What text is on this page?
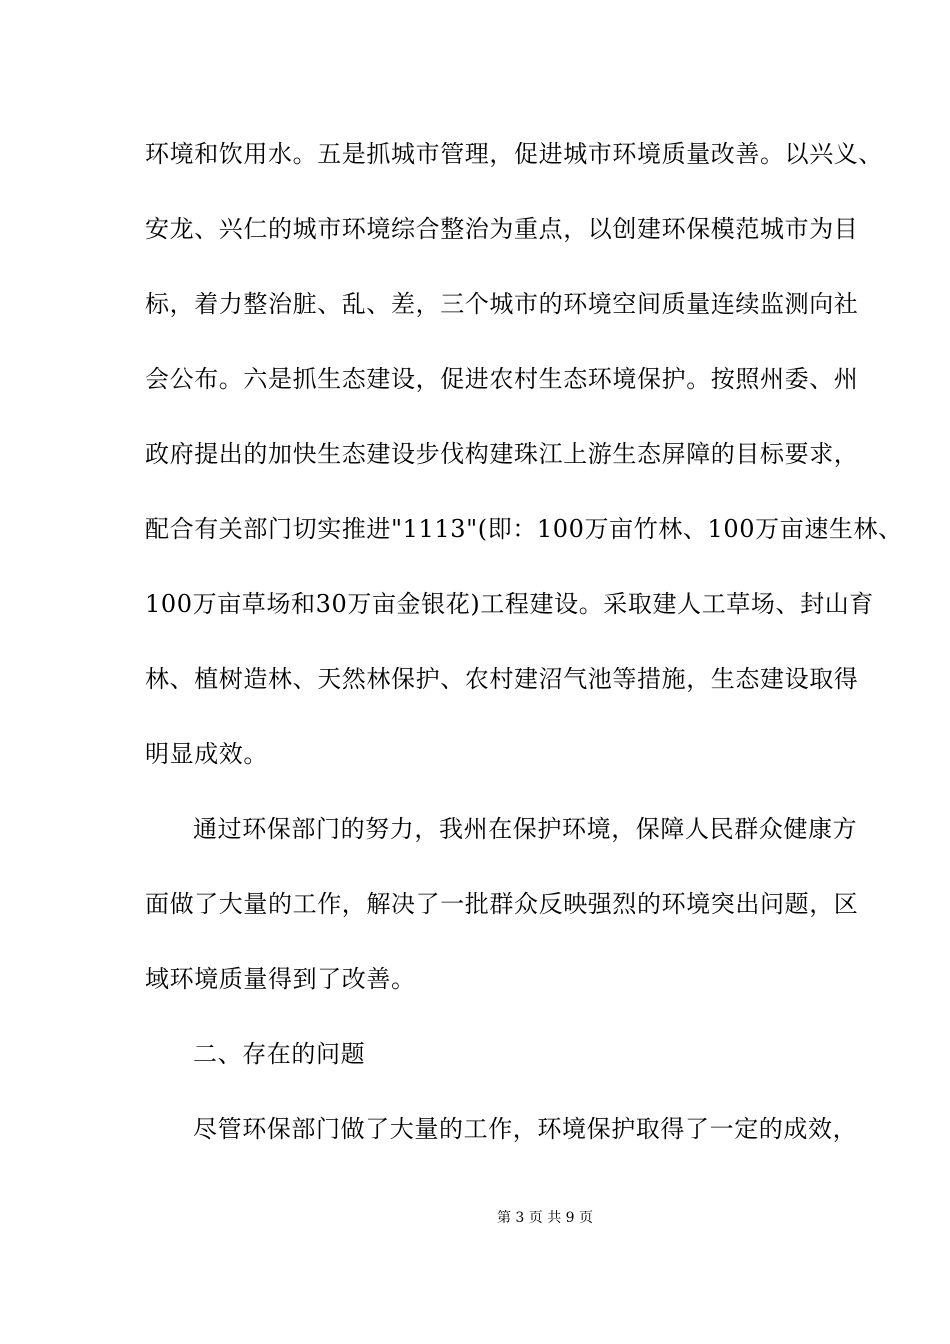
环境和饮用水。五是抓城市管理，促进城市环境质量改善。以兴义、
安龙、兴仁的城市环境综合整治为重点，以创建环保模范城市为目
标，着力整治脏、乱、差，三个城市的环境空间质量连续监测向社
会公布。六是抓生态建设，促进农村生态环境保护。按照州委、州
政府提出的加快生态建设步伐构建珠江上游生态屏障的目标要求，
配合有关部门切实推进"1113"(即：100万亩竹林、100万亩速生林、
100万亩草场和30万亩金银花)工程建设。采取建人工草场、封山育
林、植树造林、天然林保护、农村建沼气池等措施，生态建设取得
明显成效。
通过环保部门的努力，我州在保护环境，保障人民群众健康方
面做了大量的工作，解决了一批群众反映强烈的环境突出问题，区
域环境质量得到了改善。
二、存在的问题
尽管环保部门做了大量的工作，环境保护取得了一定的成效，
第 3 页 共 9 页
